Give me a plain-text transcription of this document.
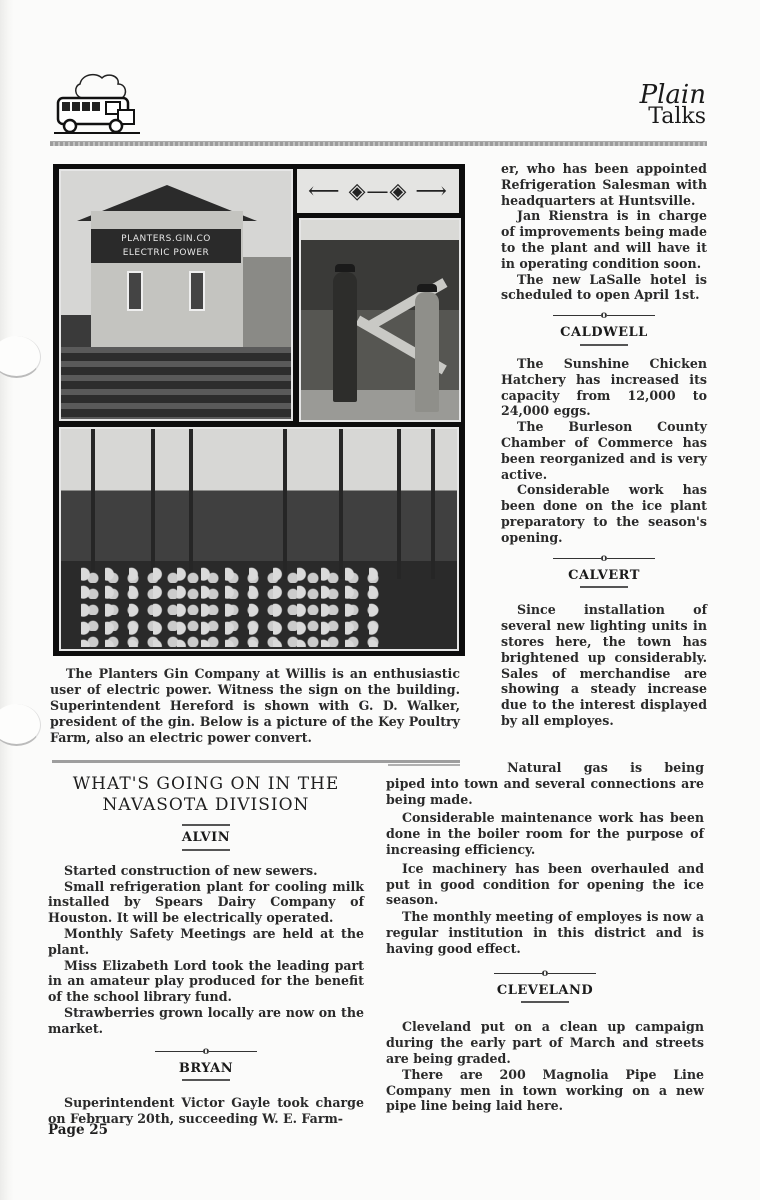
Plain
Talks
PLANTERS.GIN.CO
ELECTRIC POWER
⟵ ◈—◈ ⟶
The Planters Gin Company at Willis is an enthusiastic user of electric power. Witness the sign on the building. Superintendent Hereford is shown with G. D. Walker, president of the gin. Below is a picture of the Key Poultry Farm, also an electric power convert.

er, who has been appointed Refrigeration Salesman with headquarters at Huntsville.

Jan Rienstra is in charge of improvements being made to the plant and will have it in operating condition soon.

The new LaSalle hotel is scheduled to open April 1st.

o
CALDWELL

The Sunshine Chicken Hatchery has increased its capacity from 12,000 to 24,000 eggs.

The Burleson County Chamber of Commerce has been reorganized and is very active.

Considerable work has been done on the ice plant preparatory to the season's opening.

o
CALVERT

Since installation of several new lighting units in stores here, the town has brightened up considerably. Sales of merchandise are showing a steady increase due to the interest displayed by all employes.

WHAT'S GOING ON IN THE
NAVASOTA DIVISION
ALVIN

Started construction of new sewers.

Small refrigeration plant for cooling milk installed by Spears Dairy Company of Houston. It will be electrically operated.

Monthly Safety Meetings are held at the plant.

Miss Elizabeth Lord took the leading part in an amateur play produced for the benefit of the school library fund.

Strawberries grown locally are now on the market.

o
BRYAN

Superintendent Victor Gayle took charge on February 20th, succeeding W. E. Farm-

Natural gas is being

piped into town and several connections are being made.

Considerable maintenance work has been done in the boiler room for the purpose of increasing efficiency.

Ice machinery has been overhauled and put in good condition for opening the ice season.

The monthly meeting of employes is now a regular institution in this district and is having good effect.

o
CLEVELAND

Cleveland put on a clean up campaign during the early part of March and streets are being graded.

There are 200 Magnolia Pipe Line Company men in town working on a new pipe line being laid here.

Page 25
